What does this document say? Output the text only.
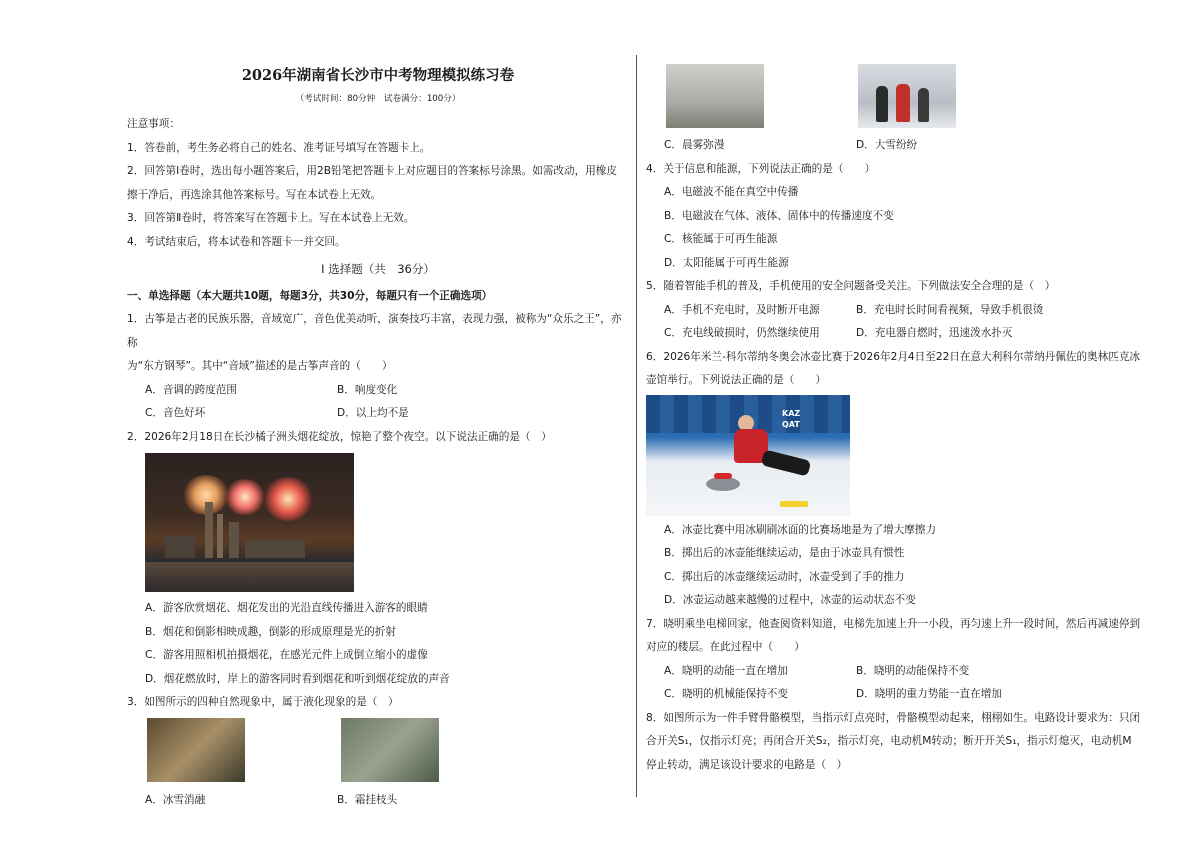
2026年湖南省长沙市中考物理模拟练习卷
（考试时间：80分钟　试卷满分：100分）

注意事项：

1．答卷前，考生务必将自己的姓名、准考证号填写在答题卡上。

2．回答第Ⅰ卷时，选出每小题答案后，用2B铅笔把答题卡上对应题目的答案标号涂黑。如需改动，用橡皮

擦干净后，再选涂其他答案标号。写在本试卷上无效。

3．回答第Ⅱ卷时，将答案写在答题卡上。写在本试卷上无效。

4．考试结束后，将本试卷和答题卡一并交回。

Ⅰ 选择题（共　36分）

一、单选择题（本大题共10题，每题3分，共30分，每题只有一个正确选项）

1．古筝是古老的民族乐器，音域宽广，音色优美动听，演奏技巧丰富，表现力强，被称为“众乐之王”，亦称

为“东方钢琴”。其中“音域”描述的是古筝声音的（　　）

A．音调的跨度范围	B．响度变化
C．音色好坏	D．以上均不是

2．2026年2月18日在长沙橘子洲头烟花绽放，惊艳了整个夜空。以下说法正确的是（　）

A．游客欣赏烟花、烟花发出的光沿直线传播进入游客的眼睛

B．烟花和倒影相映成趣，倒影的形成原理是光的折射

C．游客用照相机拍摄烟花，在感光元件上成倒立缩小的虚像

D．烟花燃放时，岸上的游客同时看到烟花和听到烟花绽放的声音

3．如图所示的四种自然现象中，属于液化现象的是（　）

A．冰雪消融	B．霜挂枝头
C．晨雾弥漫	D．大雪纷纷

4．关于信息和能源，下列说法正确的是（　　）

A．电磁波不能在真空中传播

B．电磁波在气体、液体、固体中的传播速度不变

C．核能属于可再生能源

D．太阳能属于可再生能源

5．随着智能手机的普及，手机使用的安全问题备受关注。下列做法安全合理的是（　）

A．手机不充电时，及时断开电源	B．充电时长时间看视频，导致手机很烫
C．充电线破损时，仍然继续使用	D．充电器自燃时，迅速泼水扑灭

6．2026年米兰-科尔蒂纳冬奥会冰壶比赛于2026年2月4日至22日在意大利科尔蒂纳丹佩佐的奥林匹克冰

壶馆举行。下列说法正确的是（　　）

KAZ
QAT

A．冰壶比赛中用冰刷刷冰面的比赛场地是为了增大摩擦力

B．掷出后的冰壶能继续运动，是由于冰壶具有惯性

C．掷出后的冰壶继续运动时，冰壶受到了手的推力

D．冰壶运动越来越慢的过程中，冰壶的运动状态不变

7．晓明乘坐电梯回家，他查阅资料知道，电梯先加速上升一小段，再匀速上升一段时间，然后再减速停到

对应的楼层。在此过程中（　　）

A．晓明的动能一直在增加	B．晓明的动能保持不变
C．晓明的机械能保持不变	D．晓明的重力势能一直在增加

8．如图所示为一件手臂骨骼模型，当指示灯点亮时，骨骼模型动起来，栩栩如生。电路设计要求为：只闭

合开关S₁，仅指示灯亮；再闭合开关S₂，指示灯亮，电动机M转动；断开开关S₁，指示灯熄灭，电动机M

停止转动，满足该设计要求的电路是（　）
